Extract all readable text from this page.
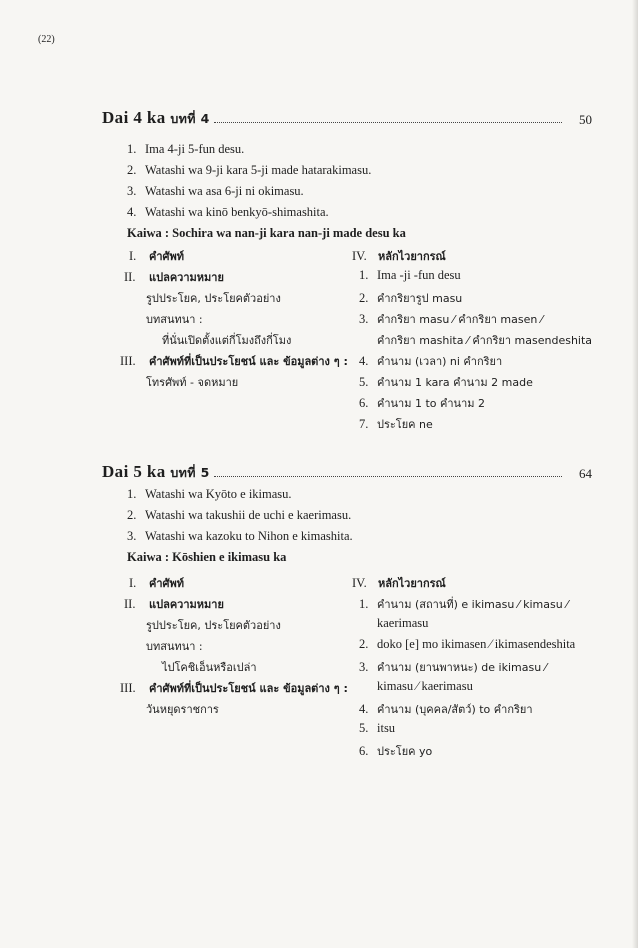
(22)
Dai 4 ka บทที่ 4	50
1. Ima 4-ji 5-fun desu.
2. Watashi wa 9-ji kara 5-ji made hatarakimasu.
3. Watashi wa asa 6-ji ni okimasu.
4. Watashi wa kinō benkyō-shimashita.
Kaiwa : Sochira wa nan-ji kara nan-ji made desu ka
I. คำศัพท์
II. แปลความหมาย
รูปประโยค, ประโยคตัวอย่าง
บทสนทนา :
ที่นั่นเปิดตั้งแต่กี่โมงถึงกี่โมง
III. คำศัพท์ที่เป็นประโยชน์ และ ข้อมูลต่าง ๆ :
โทรศัพท์ - จดหมาย
IV. หลักไวยากรณ์
1. Ima -ji -fun desu
2. คำกริยารูป masu
3. คำกริยา masu ⁄ คำกริยา masen ⁄
คำกริยา mashita ⁄ คำกริยา masendeshita
4. คำนาม (เวลา) ni คำกริยา
5. คำนาม 1 kara คำนาม 2 made
6. คำนาม 1 to คำนาม 2
7. ประโยค ne
Dai 5 ka บทที่ 5	64
1. Watashi wa Kyōto e ikimasu.
2. Watashi wa takushii de uchi e kaerimasu.
3. Watashi wa kazoku to Nihon e kimashita.
Kaiwa : Kōshien e ikimasu ka
I. คำศัพท์
II. แปลความหมาย
รูปประโยค, ประโยคตัวอย่าง
บทสนทนา :
ไปโคชิเอ็นหรือเปล่า
III. คำศัพท์ที่เป็นประโยชน์ และ ข้อมูลต่าง ๆ :
วันหยุดราชการ
IV. หลักไวยากรณ์
1. คำนาม (สถานที่) e ikimasu ⁄ kimasu ⁄
kaerimasu
2. doko [e] mo ikimasen ⁄ ikimasendeshita
3. คำนาม (ยานพาหนะ) de ikimasu ⁄
kimasu ⁄ kaerimasu
4. คำนาม (บุคคล/สัตว์) to คำกริยา
5. itsu
6. ประโยค yo
